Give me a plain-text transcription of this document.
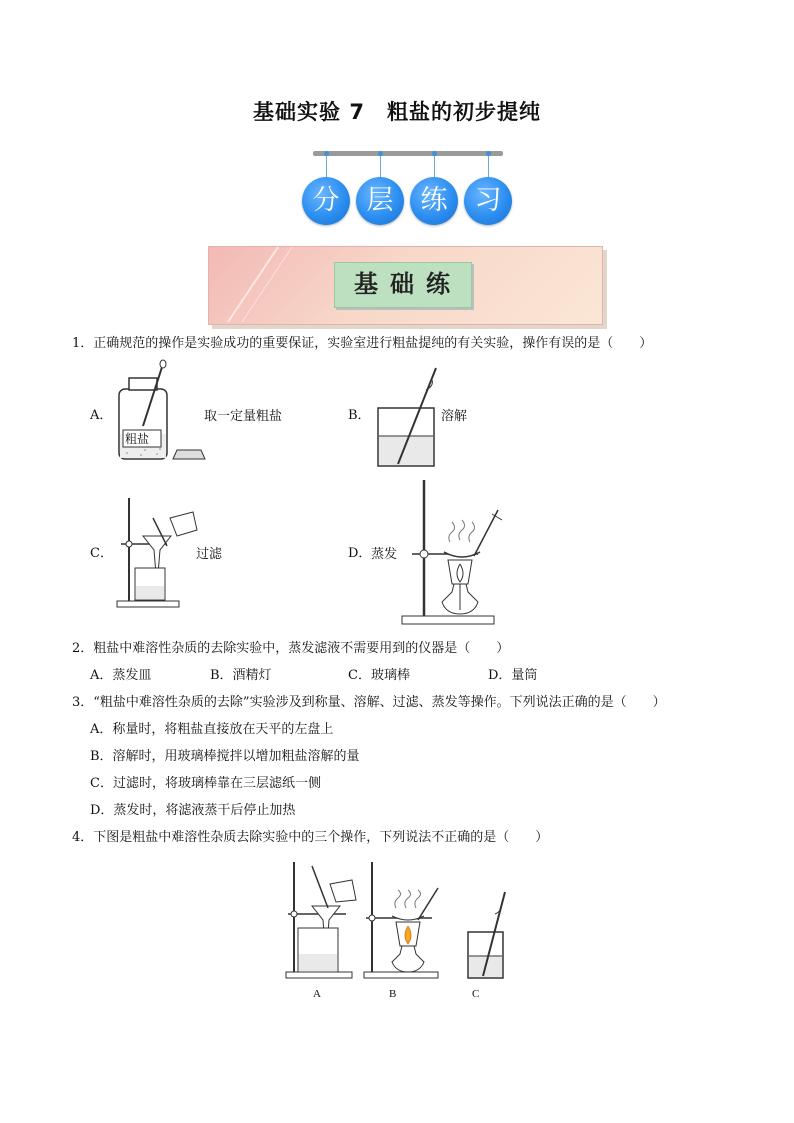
基础实验 7　粗盐的初步提纯
分	层	练	习
基础练
1．正确规范的操作是实验成功的重要保证，实验室进行粗盐提纯的有关实验，操作有误的是（　　）
A．
粗盐
取一定量粗盐	B．	溶解
C．	过滤	D． 蒸发
2．粗盐中难溶性杂质的去除实验中，蒸发滤液不需要用到的仪器是（　　）
A．蒸发皿	B．酒精灯	C．玻璃棒	D．量筒
3．“粗盐中难溶性杂质的去除”实验涉及到称量、溶解、过滤、蒸发等操作。下列说法正确的是（　　）
A．称量时，将粗盐直接放在天平的左盘上
B．溶解时，用玻璃棒搅拌以增加粗盐溶解的量
C．过滤时，将玻璃棒靠在三层滤纸一侧
D．蒸发时，将滤液蒸干后停止加热
4．下图是粗盐中难溶性杂质去除实验中的三个操作，下列说法不正确的是（　　）
A	B	C
